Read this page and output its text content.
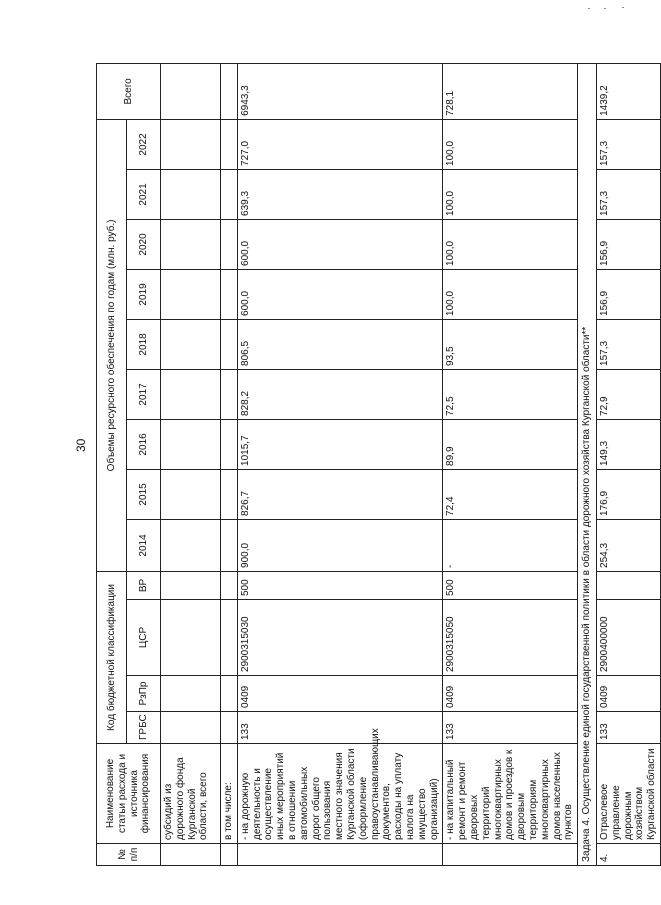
30
№ п/п	Наименование статьи расхода и источника финансирования	Код бюджетной классификации				Объемы ресурсного обеспечения по годам (млн. руб.)									Всего
		ГРБС	РзПр	ЦСР	ВР	2014	2015	2016	2017	2018	2019	2020	2021	2022	
	субсидий из дорожного фонда Курганской области, всего														
	в том числе:														
	- на дорожную деятельность и осуществление иных мероприятий в отношении автомобильных дорог общего пользования местного значения Курганской области (оформление правоустанавливающих документов, расходы на уплату налога на имущество организаций)	133	0409	2900315030	500	900,0	826,7	1015,7	828,2	806,5	600,0	600,0	639,3	727,0	6943,3
	- на капитальный ремонт и ремонт дворовых территорий многоквартирных домов и проездов к дворовым территориям многоквартирных домов населенных пунктов	133	0409	2900315050	500	-	72,4	89,9	72,5	93,5	100,0	100,0	100,0	100,0	728,1
Задача 4. Осуществление единой государственной политики в области дорожного хозяйства Курганской области**															
4.	Отраслевое управление дорожным хозяйством Курганской области	133	0409	2900400000		254,3	176,9	149,3	72,9	157,3	156,9	156,9	157,3	157,3	1439,2
